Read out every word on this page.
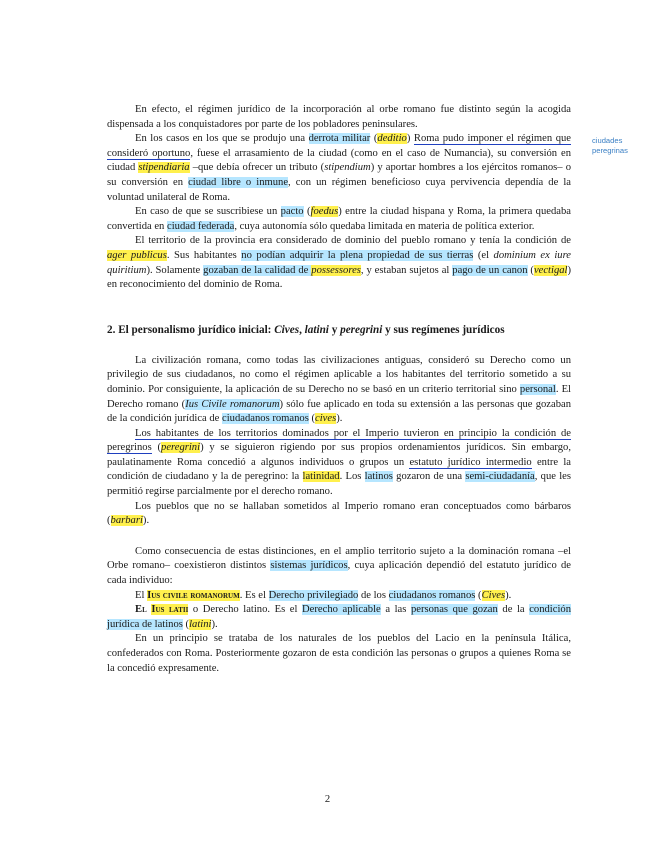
ciudades
peregrinas

En efecto, el régimen jurídico de la incorporación al orbe romano fue distinto según la acogida dispensada a los conquistadores por parte de los pobladores peninsulares.

En los casos en los que se produjo una derrota militar (deditio) Roma pudo imponer el régimen que consideró oportuno, fuese el arrasamiento de la ciudad (como en el caso de Numancia), su conversión en ciudad stipendiaria –que debía ofrecer un tributo (stipendium) y aportar hombres a los ejércitos romanos– o su conversión en ciudad libre o inmune, con un régimen beneficioso cuya pervivencia dependía de la voluntad unilateral de Roma.

En caso de que se suscribiese un pacto (foedus) entre la ciudad hispana y Roma, la primera quedaba convertida en ciudad federada, cuya autonomía sólo quedaba limitada en materia de política exterior.

El territorio de la provincia era considerado de dominio del pueblo romano y tenía la condición de ager publicus. Sus habitantes no podían adquirir la plena propiedad de sus tierras (el dominium ex iure quiritium). Solamente gozaban de la calidad de possessores, y estaban sujetos al pago de un canon (vectigal) en reconocimiento del dominio de Roma.

2. El personalismo jurídico inicial: Cives, latini y peregrini y sus regímenes jurídicos

La civilización romana, como todas las civilizaciones antiguas, consideró su Derecho como un privilegio de sus ciudadanos, no como el régimen aplicable a los habitantes del territorio sometido a su dominio. Por consiguiente, la aplicación de su Derecho no se basó en un criterio territorial sino personal. El Derecho romano (Ius Civile romanorum) sólo fue aplicado en toda su extensión a las personas que gozaban de la condición jurídica de ciudadanos romanos (cives).

Los habitantes de los territorios dominados por el Imperio tuvieron en principio la condición de peregrinos (peregrini) y se siguieron rigiendo por sus propios ordenamientos jurídicos. Sin embargo, paulatinamente Roma concedió a algunos individuos o grupos un estatuto jurídico intermedio entre la condición de ciudadano y la de peregrino: la latinidad. Los latinos gozaron de una semi-ciudadanía, que les permitió regirse parcialmente por el derecho romano.

Los pueblos que no se hallaban sometidos al Imperio romano eran conceptuados como bárbaros (barbari).

Como consecuencia de estas distinciones, en el amplio territorio sujeto a la dominación romana –el Orbe romano– coexistieron distintos sistemas jurídicos, cuya aplicación dependió del estatuto jurídico de cada individuo:

El Ius civile romanorum. Es el Derecho privilegiado de los ciudadanos romanos (Cives).

El Ius latii o Derecho latino. Es el Derecho aplicable a las personas que gozan de la condición jurídica de latinos (latini).

En un principio se trataba de los naturales de los pueblos del Lacio en la península Itálica, confederados con Roma. Posteriormente gozaron de esta condición las personas o grupos a quienes Roma se la concedió expresamente.

2
